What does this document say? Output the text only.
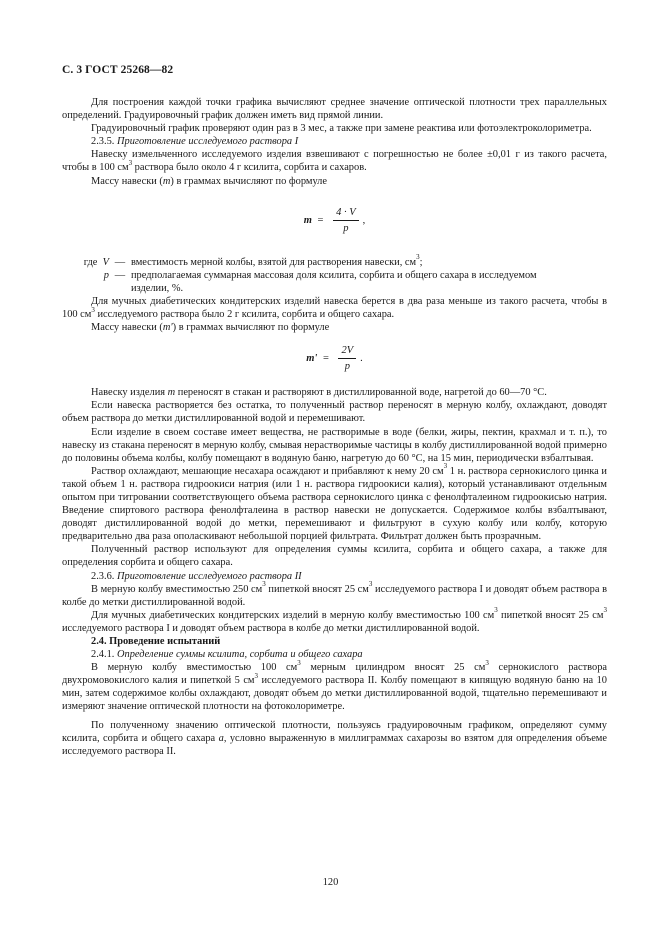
С. 3 ГОСТ 25268—82

Для построения каждой точки графика вычисляют среднее значение оптической плотности трех параллельных определений. Градуировочный график должен иметь вид прямой линии.

Градуировочный график проверяют один раз в 3 мес, а также при замене реактива или фотоэлектроколориметра.

2.3.5. Приготовление исследуемого раствора I

Навеску измельченного исследуемого изделия взвешивают с погрешностью не более ±0,01 г из такого расчета, чтобы в 100 $см^3$ раствора было около 4 г ксилита, сорбита и сахаров.

Массу навески (m) в граммах вычисляют по формуле

$m = \frac{4 \cdot V}{p}$ ,
где V — вместимость мерной колбы, взятой для растворения навески, $см^3$;
p — предполагаемая суммарная массовая доля ксилита, сорбита и общего сахара в исследуемом
изделии, %.

Для мучных диабетических кондитерских изделий навеска берется в два раза меньше из такого расчета, чтобы в 100 $см^3$ исследуемого раствора было 2 г ксилита, сорбита и общего сахара.

Массу навески (m') в граммах вычисляют по формуле

$m' = \frac{2V}{p}$ .

Навеску изделия m переносят в стакан и растворяют в дистиллированной воде, нагретой до 60—70 °С.

Если навеска растворяется без остатка, то полученный раствор переносят в мерную колбу, охлаждают, доводят объем раствора до метки дистиллированной водой и перемешивают.

Если изделие в своем составе имеет вещества, не растворимые в воде (белки, жиры, пектин, крахмал и т. п.), то навеску из стакана переносят в мерную колбу, смывая нерастворимые частицы в колбу дистиллированной водой примерно до половины объема колбы, колбу помещают в водяную баню, нагретую до 60 °С, на 15 мин, периодически взбалтывая.

Раствор охлаждают, мешающие несахара осаждают и прибавляют к нему 20 $см^3$ 1 н. раствора сернокислого цинка и такой объем 1 н. раствора гидроокиси натрия (или 1 н. раствора гидроокиси калия), который устанавливают отдельным опытом при титровании соответствующего объема раствора сернокислого цинка с фенолфталеином гидроокисью натрия. Введение спиртового раствора фенолфталеина в раствор навески не допускается. Содержимое колбы взбалтывают, доводят дистиллированной водой до метки, перемешивают и фильтруют в сухую колбу или колбу, которую предварительно два раза ополаскивают небольшой порцией фильтрата. Фильтрат должен быть прозрачным.

Полученный раствор используют для определения суммы ксилита, сорбита и общего сахара, а также для определения сорбита и общего сахара.

2.3.6. Приготовление исследуемого раствора II

В мерную колбу вместимостью 250 $см^3$ пипеткой вносят 25 $см^3$ исследуемого раствора I и доводят объем раствора в колбе до метки дистиллированной водой.

Для мучных диабетических кондитерских изделий в мерную колбу вместимостью 100 $см^3$ пипеткой вносят 25 $см^3$ исследуемого раствора I и доводят объем раствора в колбе до метки дистиллированной водой.

2.4. Проведение испытаний

2.4.1. Определение суммы ксилита, сорбита и общего сахара

В мерную колбу вместимостью 100 $см^3$ мерным цилиндром вносят 25 $см^3$ сернокислого раствора двухромовокислого калия и пипеткой 5 $см^3$ исследуемого раствора II. Колбу помещают в кипящую водяную баню на 10 мин, затем содержимое колбы охлаждают, доводят объем до метки дистиллированной водой, тщательно перемешивают и измеряют значение оптической плотности на фотоколориметре.

По полученному значению оптической плотности, пользуясь градуировочным графиком, определяют сумму ксилита, сорбита и общего сахара a, условно выраженную в миллиграммах сахарозы во взятом для определения объеме исследуемого раствора II.

120
